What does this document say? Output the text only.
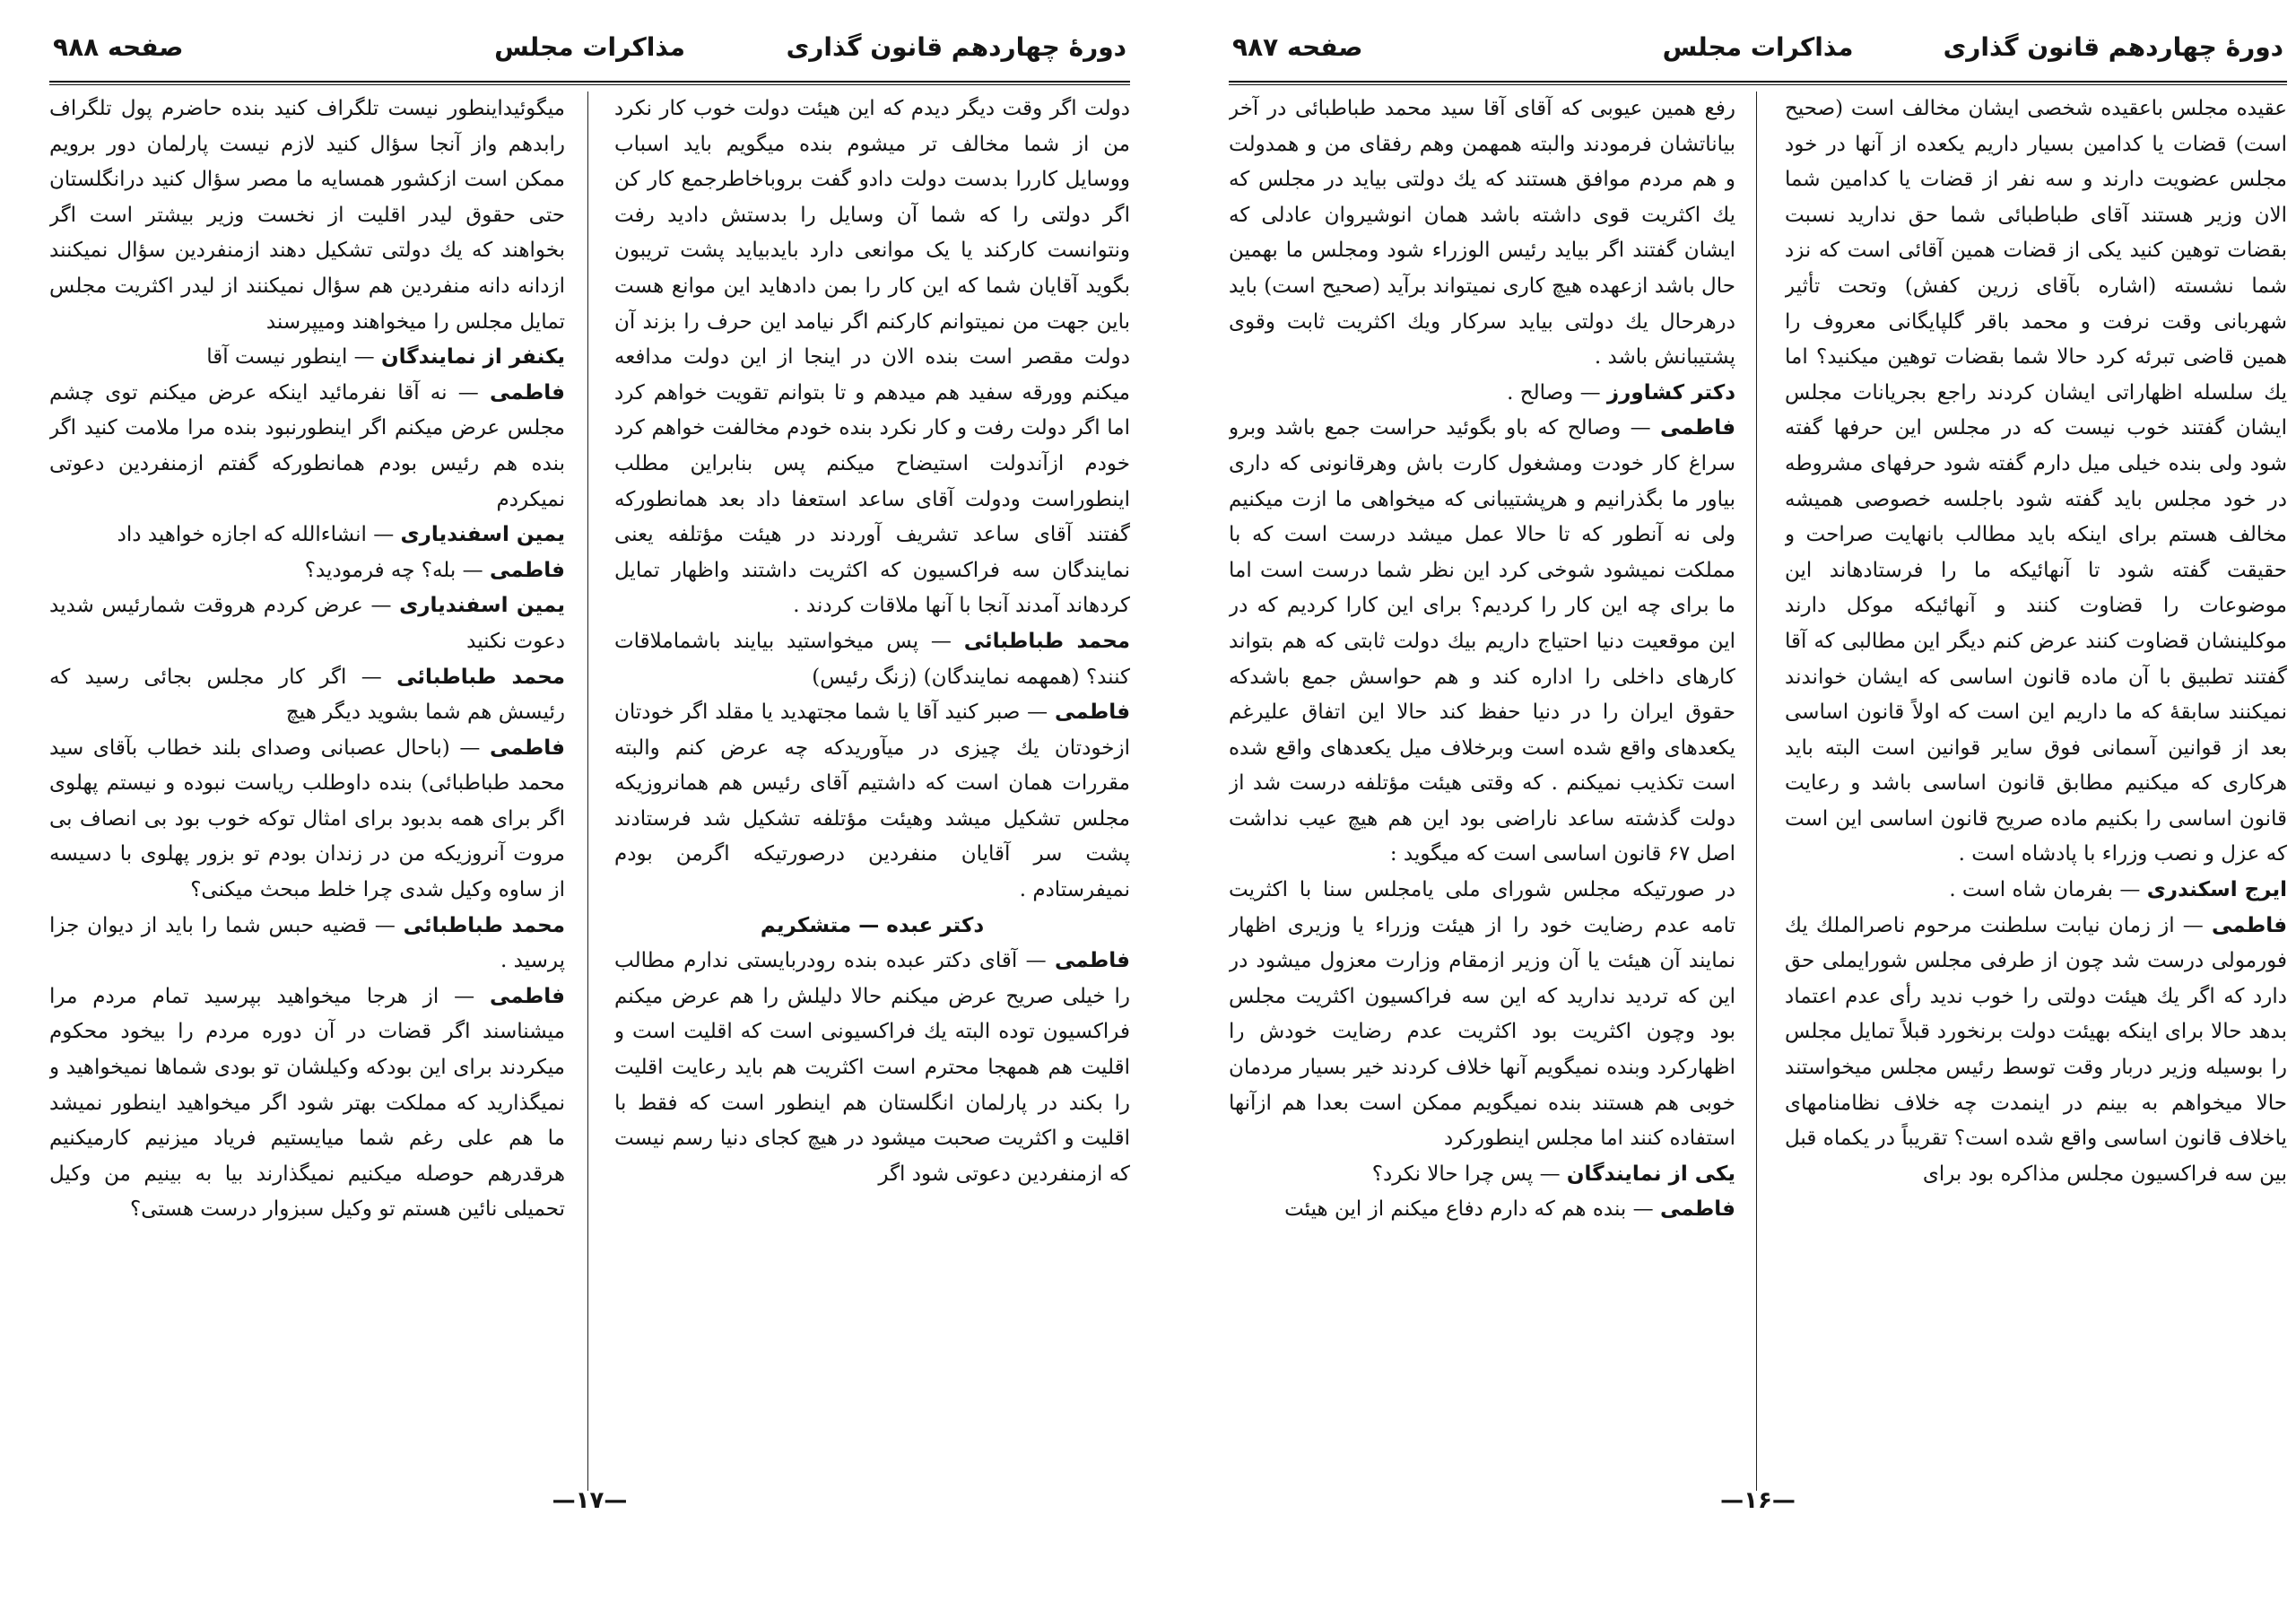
دورهٔ چهاردهم قانون گذاری
مذاکرات مجلس
صفحه ۹۸۸
دولت اگر وقت دیگر دیدم که این هیئت دولت خوب کار نکرد من از شما مخالف تر میشوم بنده میگویم باید اسباب ووسایل کاررا بدست دولت دادو گفت بروباخاطرجمع کار کن اگر دولتی را که شما آن وسایل را بدستش دادید رفت ونتوانست کارکند یا یک موانعی دارد بایدبیاید پشت تریبون بگوید آقایان شما که این کار را بمن دادهاید این موانع هست باین جهت من نمیتوانم کارکنم اگر نیامد این حرف را بزند آن دولت مقصر است بنده الان در اینجا از این دولت مدافعه میکنم وورقه سفید هم میدهم و تا بتوانم تقویت خواهم کرد اما اگر دولت رفت و کار نکرد بنده خودم مخالفت خواهم کرد خودم ازآندولت استیضاح میکنم پس بنابراین مطلب اینطوراست ودولت آقای ساعد استعفا داد بعد همانطورکه گفتند آقای ساعد تشریف آوردند در هیئت مؤتلفه یعنی نمایندگان سه فراکسیون که اکثریت داشتند واظهار تمایل کردهاند آمدند آنجا با آنها ملاقات کردند .
محمد طباطبائی — پس میخواستید بیایند باشماملاقات کنند؟ (همهمه نمایندگان) (زنگ رئیس)
فاطمی — صبر کنید آقا یا شما مجتهدید یا مقلد اگر خودتان ازخودتان یك چیزی در میآوریدکه چه عرض کنم والبته مقررات همان است که داشتیم آقای رئیس هم همانروزیکه مجلس تشکیل میشد وهیئت مؤتلفه تشکیل شد فرستادند پشت سر آقایان منفردین درصورتیکه اگرمن بودم نمیفرستادم .
دکتر عبده — متشکریم
فاطمی — آقای دکتر عبده بنده رودربایستی ندارم مطالب را خیلی صریح عرض میکنم حالا دلیلش را هم عرض میکنم فراکسیون توده البته یك فراکسیونی است که اقلیت است و اقلیت هم همهجا محترم است اکثریت هم باید رعایت اقلیت را بکند در پارلمان انگلستان هم اینطور است که فقط با اقلیت و اکثریت صحبت میشود در هیچ کجای دنیا رسم نیست که ازمنفردین دعوتی شود اگر
میگوئیداینطور نیست تلگراف کنید بنده حاضرم پول تلگراف رابدهم واز آنجا سؤال کنید لازم نیست پارلمان دور برویم ممکن است ازکشور همسایه ما مصر سؤال کنید درانگلستان حتی حقوق لیدر اقلیت از نخست وزیر بیشتر است اگر بخواهند که یك دولتی تشکیل دهند ازمنفردین سؤال نمیکنند ازدانه دانه منفردین هم سؤال نمیکنند از لیدر اکثریت مجلس تمایل مجلس را میخواهند ومیپرسند
یکنفر از نمایندگان — اینطور نیست آقا
فاطمی — نه آقا نفرمائید اینکه عرض میکنم توی چشم مجلس عرض میکنم اگر اینطورنبود بنده مرا ملامت کنید اگر بنده هم رئیس بودم همانطورکه گفتم ازمنفردین دعوتی نمیکردم
یمین اسفندیاری — انشاءالله که اجازه خواهید داد
فاطمی — بله؟ چه فرمودید؟
یمین اسفندیاری — عرض کردم هروقت شمارئیس شدید دعوت نکنید
محمد طباطبائی — اگر کار مجلس بجائی رسید که رئیسش هم شما بشوید دیگر هیچ
فاطمی — (باحال عصبانی وصدای بلند خطاب بآقای سید محمد طباطبائی) بنده داوطلب ریاست نبوده و نیستم پهلوی اگر برای همه بدبود برای امثال توکه خوب بود بی انصاف بی مروت آنروزیکه من در زندان بودم تو بزور پهلوی با دسیسه از ساوه وکیل شدی چرا خلط مبحث میکنی؟
محمد طباطبائی — قضیه حبس شما را باید از دیوان جزا پرسید .
فاطمی — از هرجا میخواهید بپرسید تمام مردم مرا میشناسند اگر قضات در آن دوره مردم را بیخود محکوم میکردند برای این بودکه وکیلشان تو بودی شماها نمیخواهید و نمیگذارید که مملکت بهتر شود اگر میخواهید اینطور نمیشد ما هم علی رغم شما میایستیم فریاد میزنیم کارمیکنیم هرقدرهم حوصله میکنیم نمیگذارند بیا به بینیم من وکیل تحمیلی نائین هستم تو وکیل سبزوار درست هستی؟
—۱۷—
دورهٔ چهاردهم قانون گذاری
مذاکرات مجلس
صفحه ۹۸۷
عقیده مجلس باعقیده شخصی ایشان مخالف است (صحیح است) قضات یا کدامین بسیار داریم یکعده از آنها در خود مجلس عضویت دارند و سه نفر از قضات یا کدامین شما الان وزیر هستند آقای طباطبائی شما حق ندارید نسبت بقضات توهین کنید یکی از قضات همین آقائی است که نزد شما نشسته (اشاره بآقای زرین کفش) وتحت تأثیر شهربانی وقت نرفت و محمد باقر گلپایگانی معروف را همین قاضی تبرئه کرد حالا شما بقضات توهین میکنید؟ اما یك سلسله اظهاراتی ایشان کردند راجع بجریانات مجلس ایشان گفتند خوب نیست که در مجلس این حرفها گفته شود ولی بنده خیلی میل دارم گفته شود حرفهای مشروطه در خود مجلس باید گفته شود باجلسه خصوصی همیشه مخالف هستم برای اینکه باید مطالب بانهایت صراحت و حقیقت گفته شود تا آنهائیکه ما را فرستادهاند این موضوعات را قضاوت کنند و آنهائیکه موکل دارند موکلینشان قضاوت کنند عرض کنم دیگر این مطالبی که آقا گفتند تطبیق با آن ماده قانون اساسی که ایشان خواندند نمیکنند سابقهٔ که ما داریم این است که اولاً قانون اساسی بعد از قوانین آسمانی فوق سایر قوانین است البته باید هرکاری که میکنیم مطابق قانون اساسی باشد و رعایت قانون اساسی را بکنیم ماده صریح قانون اساسی این است که عزل و نصب وزراء با پادشاه است .
ایرج اسکندری — بفرمان شاه است .
فاطمی — از زمان نیابت سلطنت مرحوم ناصرالملك یك فورمولی درست شد چون از طرفی مجلس شورایملی حق دارد که اگر یك هیئت دولتی را خوب ندید رأی عدم اعتماد بدهد حالا برای اینکه بهیئت دولت برنخورد قبلاً تمایل مجلس را بوسیله وزیر دربار وقت توسط رئیس مجلس میخواستند حالا میخواهم به بینم در اینمدت چه خلاف نظامنامهای یاخلاف قانون اساسی واقع شده است؟ تقریباً در یکماه قبل بین سه فراکسیون مجلس مذاکره بود برای
رفع همین عیوبی که آقای آقا سید محمد طباطبائی در آخر بیاناتشان فرمودند والبته همهمن وهم رفقای من و همدولت و هم مردم موافق هستند که یك دولتی بیاید در مجلس که یك اکثریت قوی داشته باشد همان انوشیروان عادلی که ایشان گفتند اگر بیاید رئیس الوزراء شود ومجلس ما بهمین حال باشد ازعهده هیچ کاری نمیتواند برآید (صحیح است) باید درهرحال یك دولتی بیاید سرکار ویك اکثریت ثابت وقوی پشتیبانش باشد .
دکتر کشاورز — وصالح .
فاطمی — وصالح که باو بگوئید حراست جمع باشد وبرو سراغ کار خودت ومشغول کارت باش وهرقانونی که داری بیاور ما بگذرانیم و هرپشتیبانی که میخواهی ما ازت میکنیم ولی نه آنطور که تا حالا عمل میشد درست است که با مملکت نمیشود شوخی کرد این نظر شما درست است اما ما برای چه این کار را کردیم؟ برای این کارا کردیم که در این موقعیت دنیا احتیاج داریم بیك دولت ثابتی که هم بتواند کارهای داخلی را اداره کند و هم حواسش جمع باشدکه حقوق ایران را در دنیا حفظ کند حالا این اتفاق علیرغم یکعدهای واقع شده است وبرخلاف میل یکعدهای واقع شده است تکذیب نمیکنم . که وقتی هیئت مؤتلفه درست شد از دولت گذشته ساعد ناراضی بود این هم هیچ عیب نداشت اصل ۶۷ قانون اساسی است که میگوید :
در صورتیکه مجلس شورای ملی یامجلس سنا با اکثریت تامه عدم رضایت خود را از هیئت وزراء یا وزیری اظهار نمایند آن هیئت یا آن وزیر ازمقام وزارت معزول میشود در این که تردید ندارید که این سه فراکسیون اکثریت مجلس بود وچون اکثریت بود اکثریت عدم رضایت خودش را اظهارکرد وبنده نمیگویم آنها خلاف کردند خیر بسیار مردمان خوبی هم هستند بنده نمیگویم ممکن است بعدا هم ازآنها استفاده کنند اما مجلس اینطورکرد
یکی از نمایندگان — پس چرا حالا نکرد؟
فاطمی — بنده هم که دارم دفاع میکنم از این هیئت
—۱۶—
